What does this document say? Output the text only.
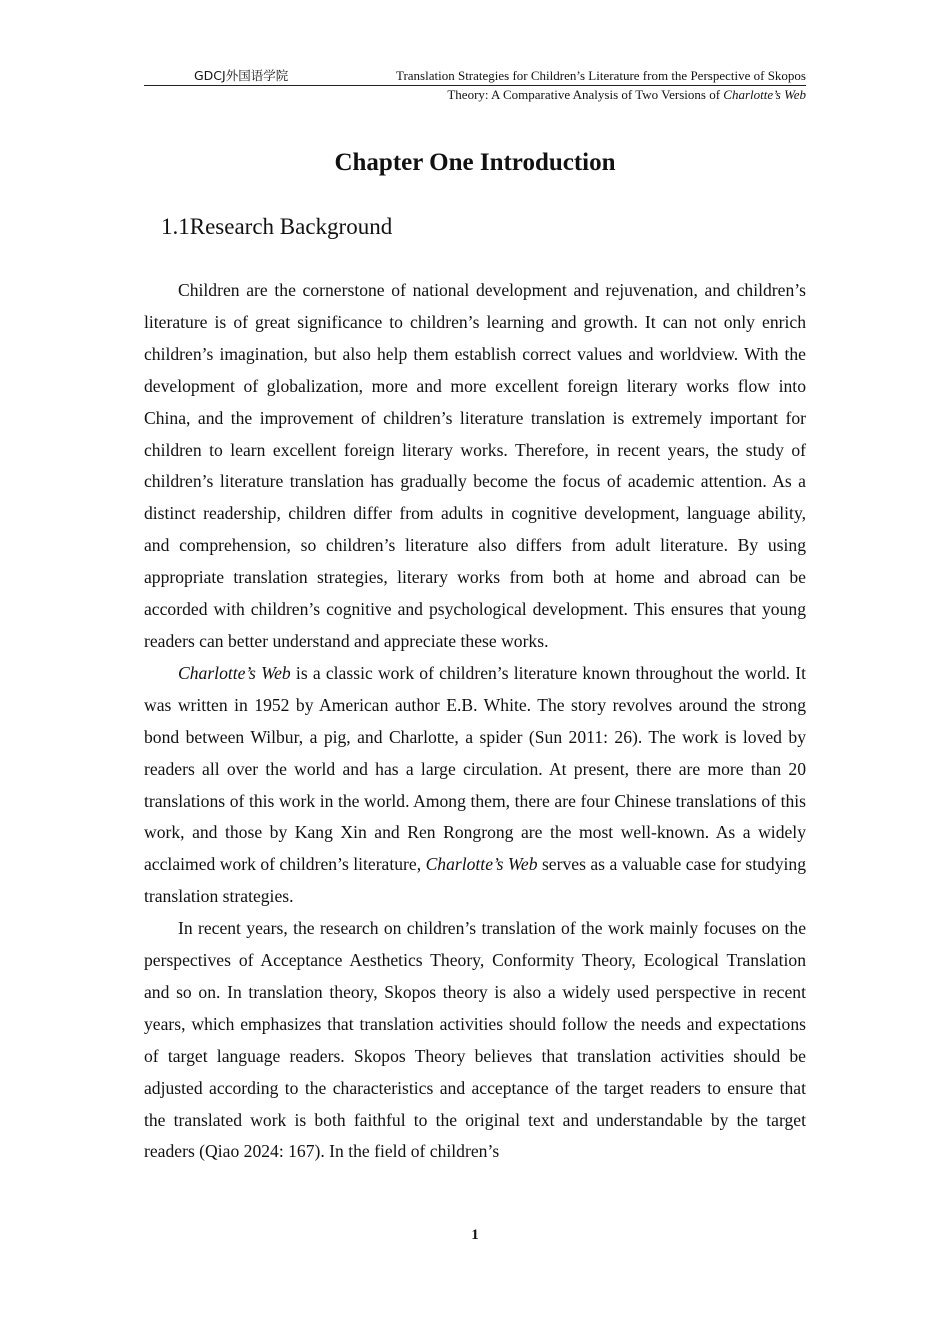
GDCJ外国语学院	Translation Strategies for Children’s Literature from the Perspective of Skopos
Theory: A Comparative Analysis of Two Versions of Charlotte’s Web
Chapter One Introduction
1.1Research Background

Children are the cornerstone of national development and rejuvenation, and children’s literature is of great significance to children’s learning and growth. It can not only enrich children’s imagination, but also help them establish correct values and worldview. With the development of globalization, more and more excellent foreign literary works flow into China, and the improvement of children’s literature translation is extremely important for children to learn excellent foreign literary works. Therefore, in recent years, the study of children’s literature translation has gradually become the focus of academic attention. As a distinct readership, children differ from adults in cognitive development, language ability, and comprehension, so children’s literature also differs from adult literature. By using appropriate translation strategies, literary works from both at home and abroad can be accorded with children’s cognitive and psychological development. This ensures that young readers can better understand and appreciate these works.

Charlotte’s Web is a classic work of children’s literature known throughout the world. It was written in 1952 by American author E.B. White. The story revolves around the strong bond between Wilbur, a pig, and Charlotte, a spider (Sun 2011: 26). The work is loved by readers all over the world and has a large circulation. At present, there are more than 20 translations of this work in the world. Among them, there are four Chinese translations of this work, and those by Kang Xin and Ren Rongrong are the most well-known. As a widely acclaimed work of children’s literature, Charlotte’s Web serves as a valuable case for studying translation strategies.

In recent years, the research on children’s translation of the work mainly focuses on the perspectives of Acceptance Aesthetics Theory, Conformity Theory, Ecological Translation and so on. In translation theory, Skopos theory is also a widely used perspective in recent years, which emphasizes that translation activities should follow the needs and expectations of target language readers. Skopos Theory believes that translation activities should be adjusted according to the characteristics and acceptance of the target readers to ensure that the translated work is both faithful to the original text and understandable by the target readers (Qiao 2024: 167). In the field of children’s

1
